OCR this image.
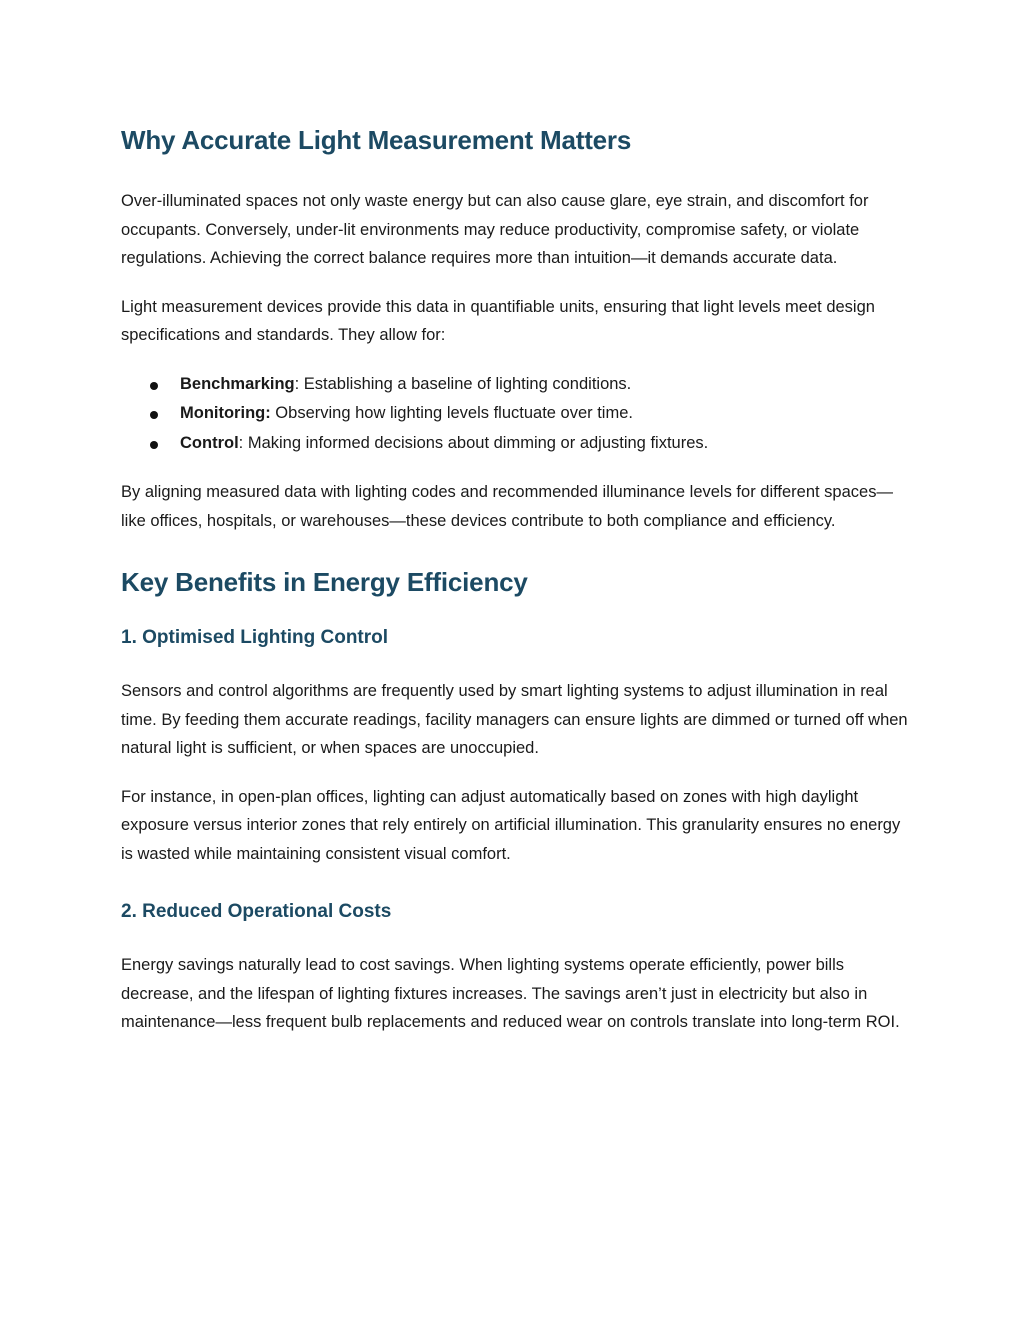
Why Accurate Light Measurement Matters

Over-illuminated spaces not only waste energy but can also cause glare, eye strain, and discomfort for occupants. Conversely, under-lit environments may reduce productivity, compromise safety, or violate regulations. Achieving the correct balance requires more than intuition—it demands accurate data.

Light measurement devices provide this data in quantifiable units, ensuring that light levels meet design specifications and standards. They allow for:

Benchmarking: Establishing a baseline of lighting conditions.
Monitoring: Observing how lighting levels fluctuate over time.
Control: Making informed decisions about dimming or adjusting fixtures.

By aligning measured data with lighting codes and recommended illuminance levels for different spaces—like offices, hospitals, or warehouses—these devices contribute to both compliance and efficiency.

Key Benefits in Energy Efficiency
1. Optimised Lighting Control

Sensors and control algorithms are frequently used by smart lighting systems to adjust illumination in real time. By feeding them accurate readings, facility managers can ensure lights are dimmed or turned off when natural light is sufficient, or when spaces are unoccupied.

For instance, in open-plan offices, lighting can adjust automatically based on zones with high daylight exposure versus interior zones that rely entirely on artificial illumination. This granularity ensures no energy is wasted while maintaining consistent visual comfort.

2. Reduced Operational Costs

Energy savings naturally lead to cost savings. When lighting systems operate efficiently, power bills decrease, and the lifespan of lighting fixtures increases. The savings aren’t just in electricity but also in maintenance—less frequent bulb replacements and reduced wear on controls translate into long-term ROI.
